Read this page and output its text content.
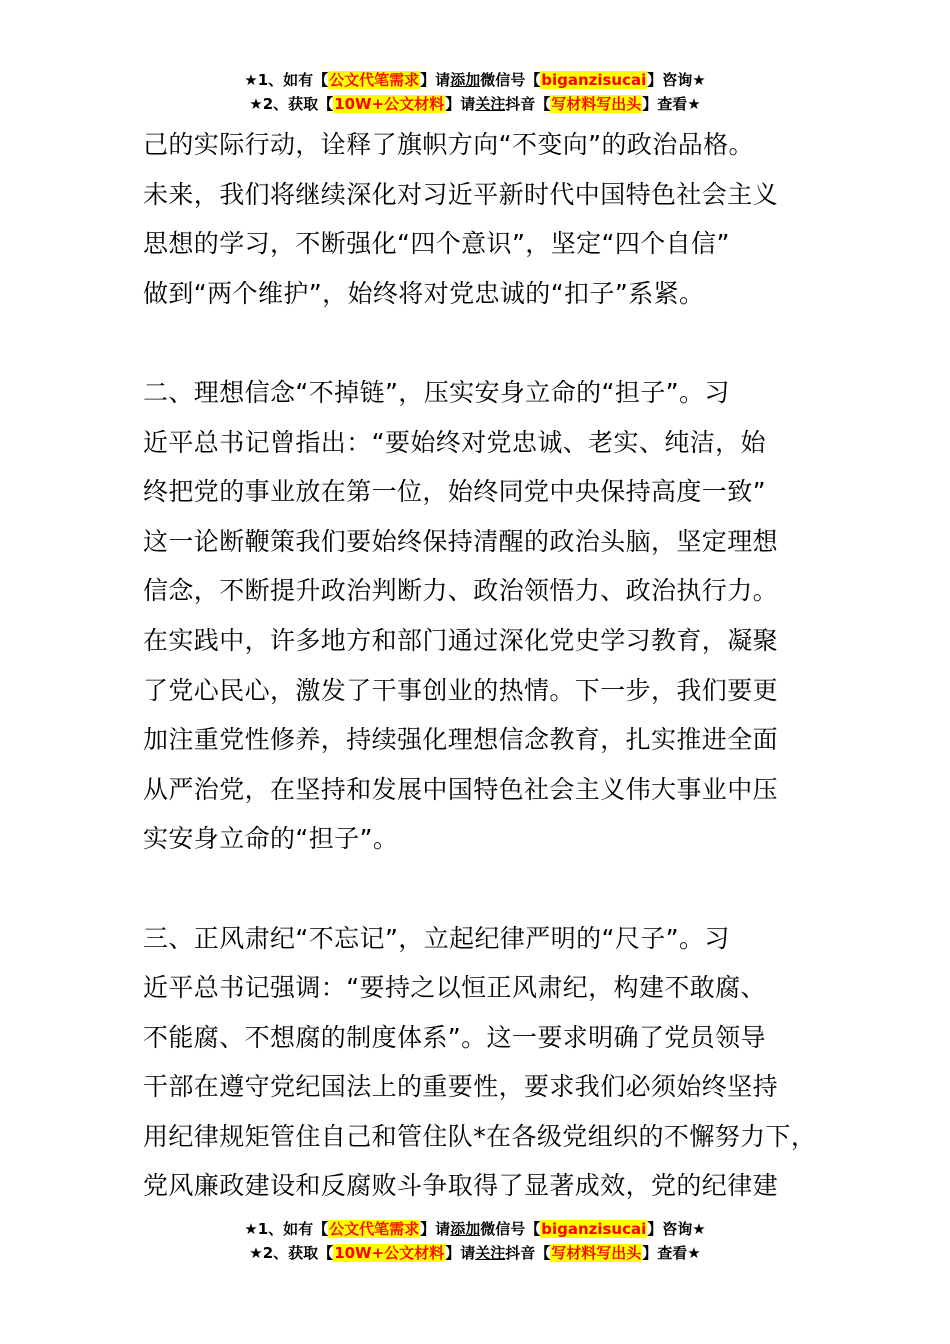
★1、如有【公文代笔需求】请添加微信号【biganzisucai】咨询★
★2、获取【10W+公文材料】请关注抖音【写材料写出头】查看★
己的实际行动，诠释了旗帜方向“不变向”的政治品格。
未来，我们将继续深化对习近平新时代中国特色社会主义
思想的学习，不断强化“四个意识”，坚定“四个自信”
做到“两个维护”，始终将对党忠诚的“扣子”系紧。
二、理想信念“不掉链”，压实安身立命的“担子”。习
近平总书记曾指出：“要始终对党忠诚、老实、纯洁，始
终把党的事业放在第一位，始终同党中央保持高度一致”
这一论断鞭策我们要始终保持清醒的政治头脑，坚定理想
信念，不断提升政治判断力、政治领悟力、政治执行力。
在实践中，许多地方和部门通过深化党史学习教育，凝聚
了党心民心，激发了干事创业的热情。下一步，我们要更
加注重党性修养，持续强化理想信念教育，扎实推进全面
从严治党，在坚持和发展中国特色社会主义伟大事业中压
实安身立命的“担子”。
三、正风肃纪“不忘记”，立起纪律严明的“尺子”。习
近平总书记强调：“要持之以恒正风肃纪，构建不敢腐、
不能腐、不想腐的制度体系”。这一要求明确了党员领导
干部在遵守党纪国法上的重要性，要求我们必须始终坚持
用纪律规矩管住自己和管住队*在各级党组织的不懈努力下，
党风廉政建设和反腐败斗争取得了显著成效，党的纪律建
★1、如有【公文代笔需求】请添加微信号【biganzisucai】咨询★
★2、获取【10W+公文材料】请关注抖音【写材料写出头】查看★
